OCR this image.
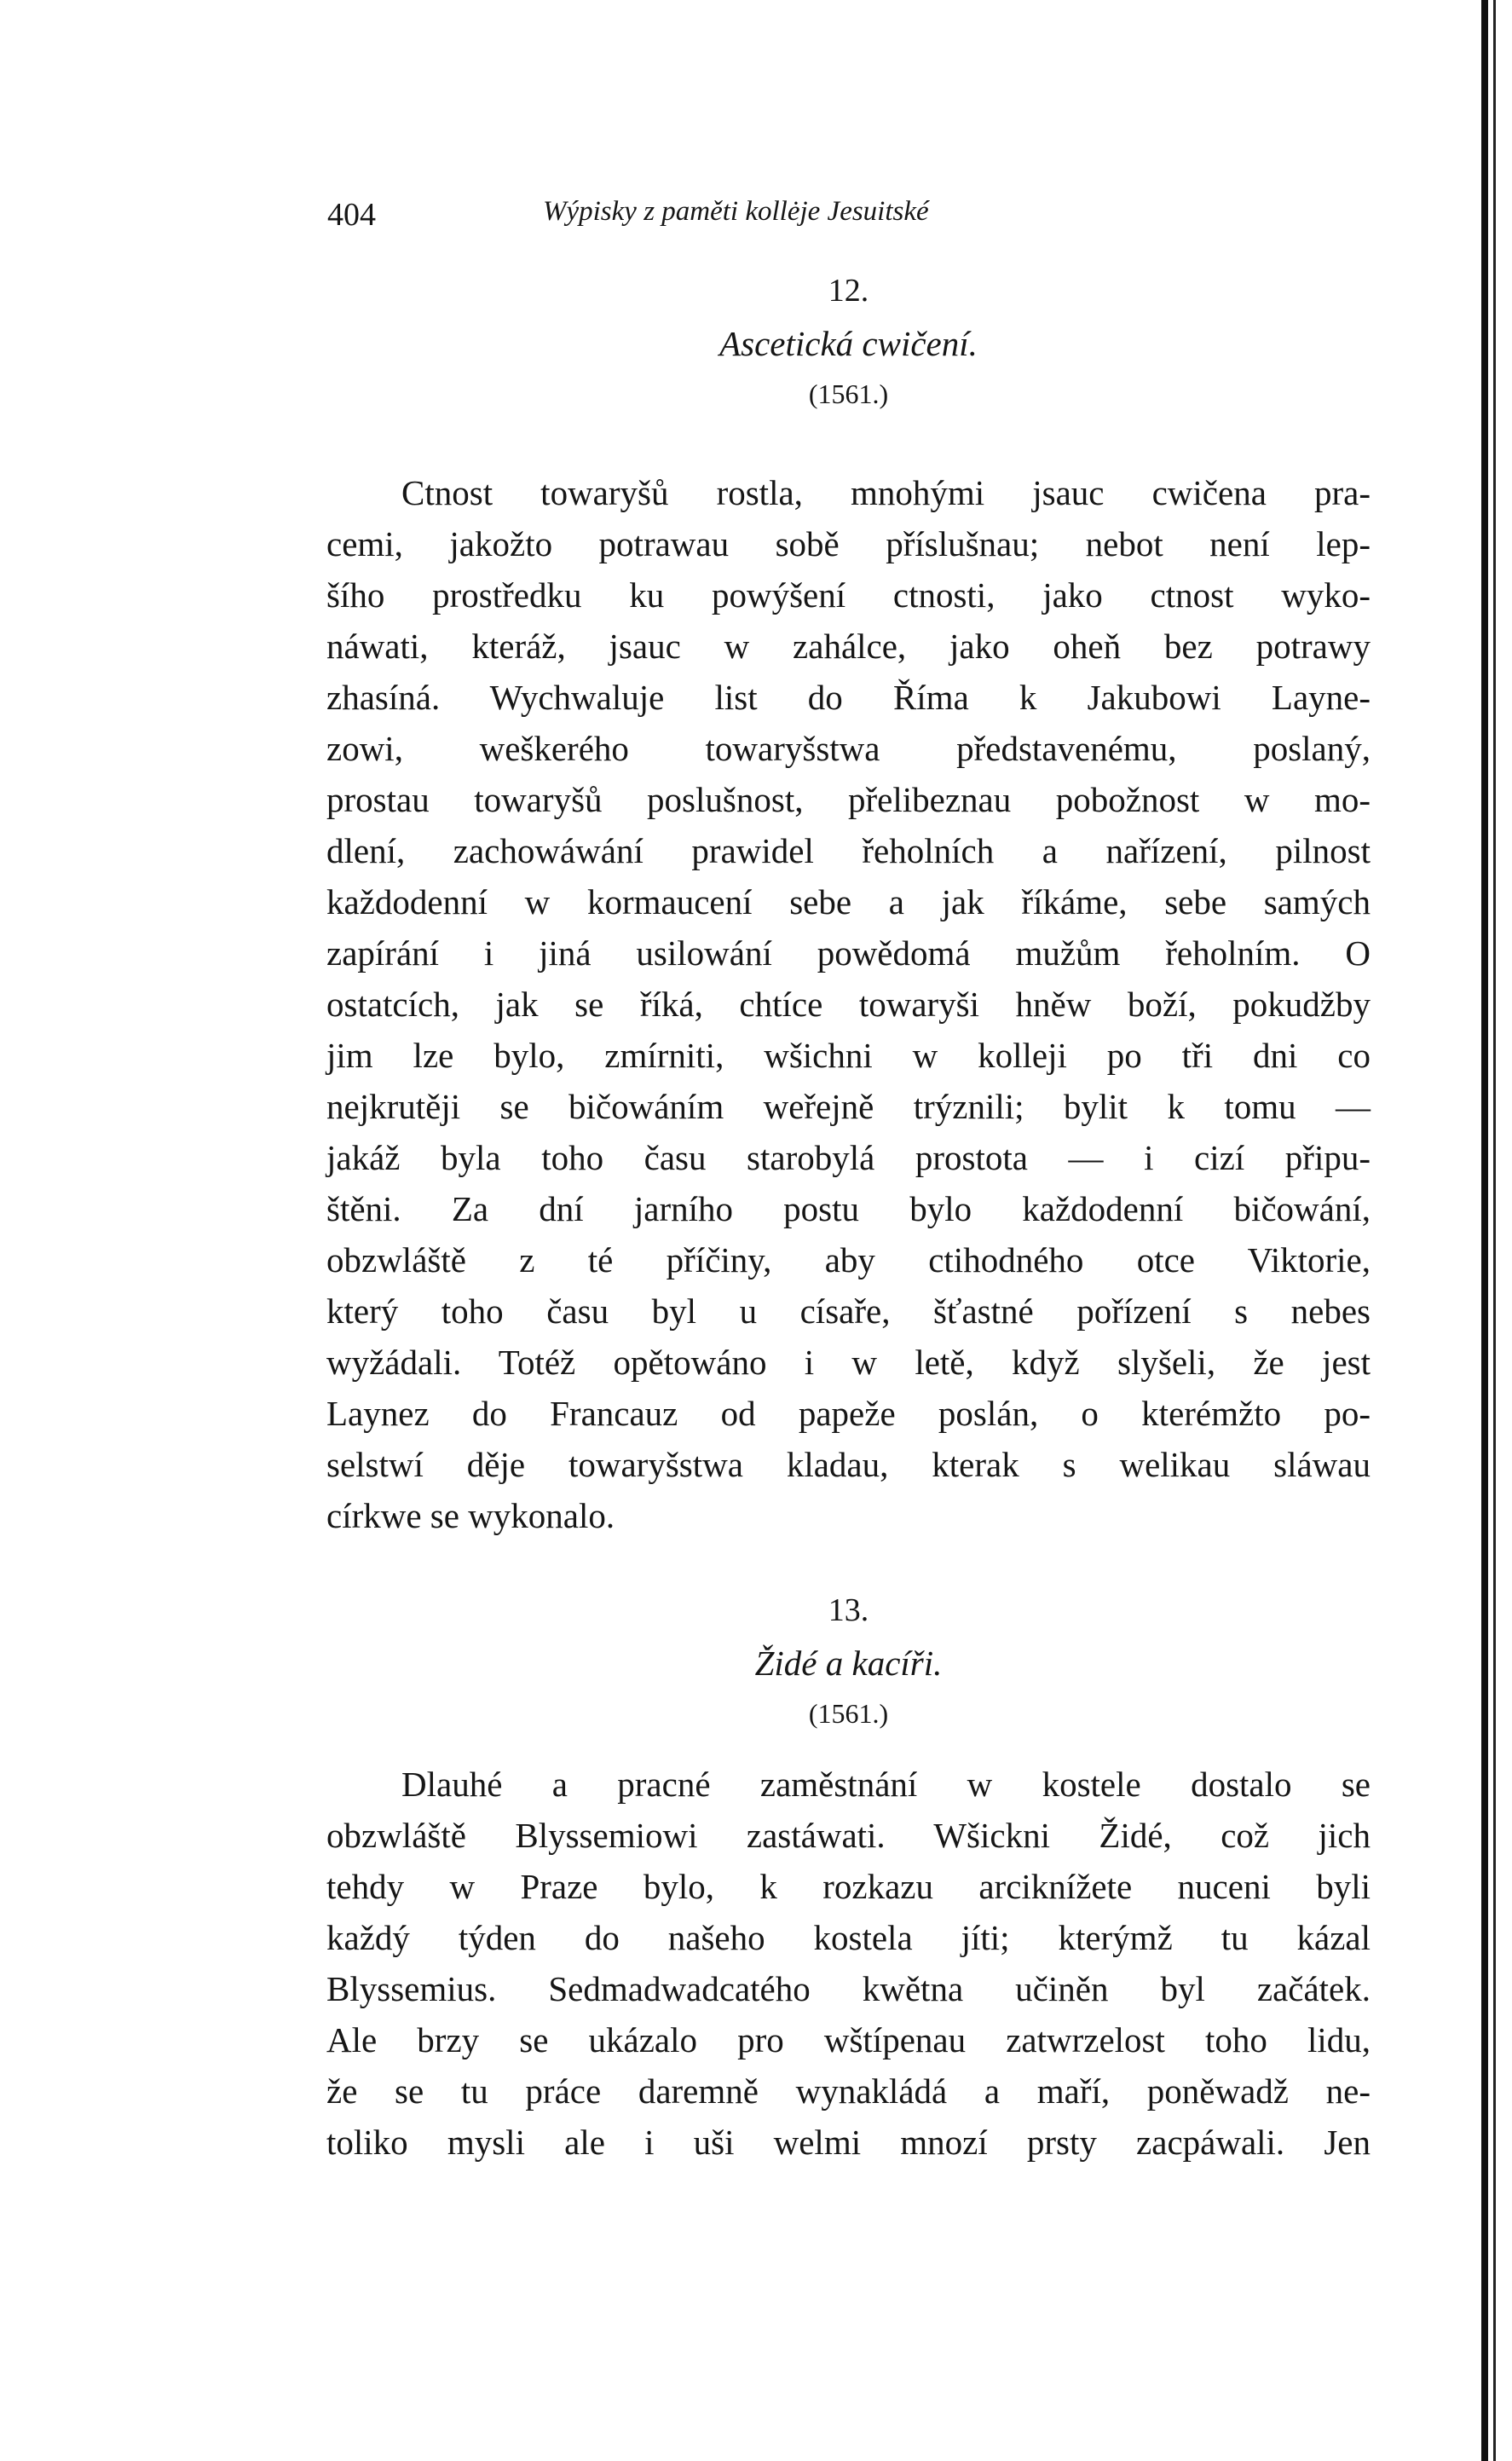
404	Wýpisky z paměti kollėje Jesuitské
12.
Ascetická cwičení.
(1561.)
Ctnost towaryšů rostla, mnohými jsauc cwičena pra-
cemi, jakožto potrawau sobě příslušnau; nebot není lep-
šího prostředku ku powýšení ctnosti, jako ctnost wyko-
náwati, kteráž, jsauc w zahálce, jako oheň bez potrawy
zhasíná. Wychwaluje list do Říma k Jakubowi Layne-
zowi, weškerého towaryšstwa představenému, poslaný,
prostau towaryšů poslušnost, přelibeznau pobožnost w mo-
dlení, zachowáwání prawidel řeholních a nařízení, pilnost
každodenní w kormaucení sebe a jak říkáme, sebe samých
zapírání i jiná usilowání powědomá mužům řeholním. O
ostatcích, jak se říká, chtíce towaryši hněw boží, pokudžby
jim lze bylo, zmírniti, wšichni w kolleji po tři dni co
nejkrutěji se bičowáním weřejně trýznili; bylit k tomu —
jakáž byla toho času starobylá prostota — i cizí připu-
štěni. Za dní jarního postu bylo každodenní bičowání,
obzwláště z té příčiny, aby ctihodného otce Viktorie,
který toho času byl u císaře, šťastné pořízení s nebes
wyžádali. Totéž opětowáno i w letě, když slyšeli, že jest
Laynez do Francauz od papeže poslán, o kterémžto po-
selstwí děje towaryšstwa kladau, kterak s welikau sláwau
církwe se wykonalo.
13.
Židé a kacíři.
(1561.)
Dlauhé a pracné zaměstnání w kostele dostalo se
obzwláště Blyssemiowi zastáwati. Wšickni Židé, což jich
tehdy w Praze bylo, k rozkazu arciknížete nuceni byli
každý týden do našeho kostela jíti; kterýmž tu kázal
Blyssemius. Sedmadwadcatého kwětna učiněn byl začátek.
Ale brzy se ukázalo pro wštípenau zatwrzelost toho lidu,
že se tu práce daremně wynakládá a maří, poněwadž ne-
toliko mysli ale i uši welmi mnozí prsty zacpáwali. Jen
